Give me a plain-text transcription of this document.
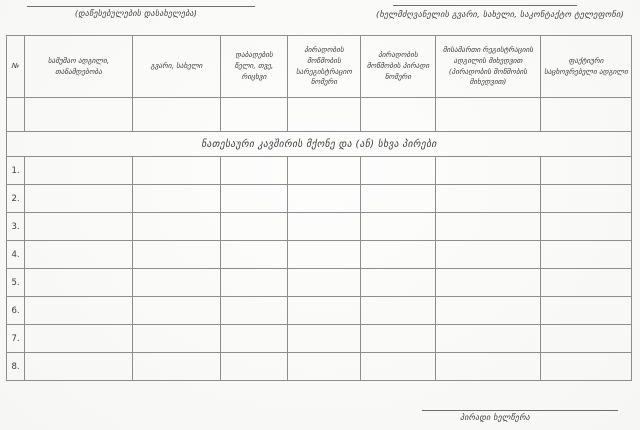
(დაწესებულების დასახელება)	(ხელმძღვანელის გვარი, სახელი, საკონტაქტო ტელეფონი)
№	სამუშაო ადგილი, თანამდებობა	გვარი, სახელი	დაბადების წელი, თვე, რიცხვი	პირადობის მოწმობის სარეგისტრაციო ნომერი	პირადობის მოწმობის პირადი ნომერი	მისამართი რეგისტრაციის ადგილის მიხედვით (პირადობის მოწმობის მიხედვით)	ფაქტიური საცხოვრებელი ადგილი

ნათესაური კავშირის მქონე და (ან) სხვა პირები							
1.							
2.							
3.							
4.							
5.							
6.							
7.							
8.							
პირადი ხელწერა
